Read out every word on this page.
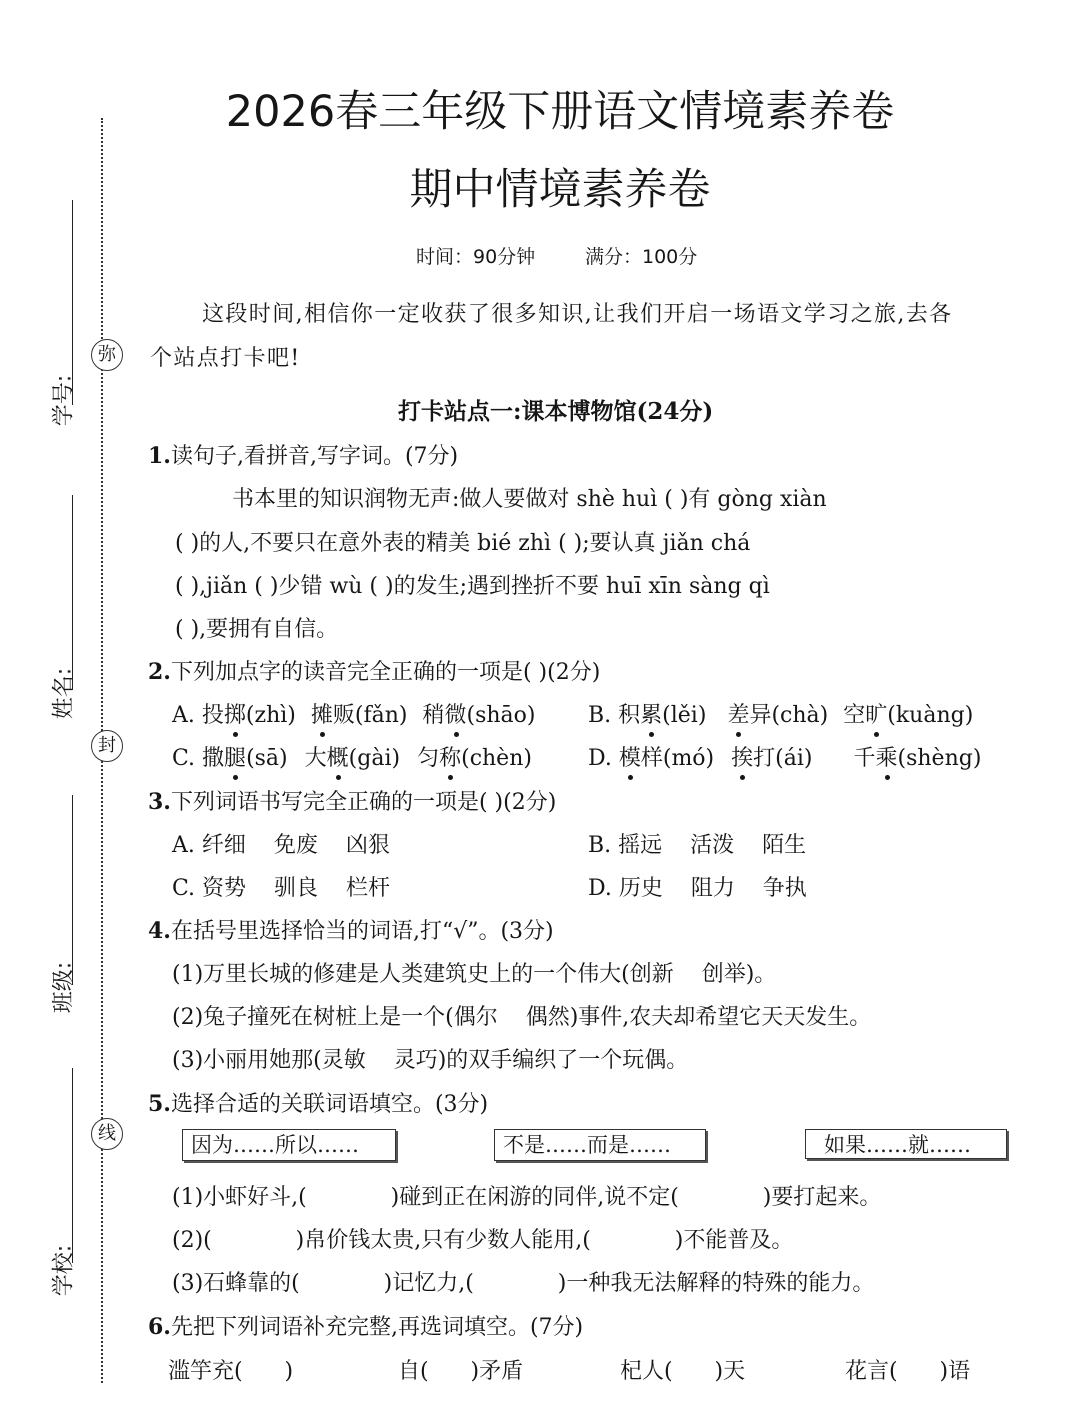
学号:
姓名:
班级:
学校:
弥
封
线
2026春三年级下册语文情境素养卷
期中情境素养卷
时间：90分钟	满分：100分
这段时间,相信你一定收获了很多知识,让我们开启一场语文学习之旅,去各
个站点打卡吧!
打卡站点一:课本博物馆(24分)
1.读句子,看拼音,写字词。(7分)
书本里的知识润物无声:做人要做对 shè huì ( )有 gòng xiàn
( )的人,不要只在意外表的精美 bié zhì ( );要认真 jiǎn chá
( ),jiǎn ( )少错 wù ( )的发生;遇到挫折不要 huī xīn sàng qì
( ),要拥有自信。
2.下列加点字的读音完全正确的一项是( )(2分)
A. 投掷(zhì) 摊贩(fǎn) 稍微(shāo) B. 积累(lěi) 差异(chà) 空旷(kuàng)
C. 撒腿(sā) 大概(gài) 匀称(chèn)	D. 模样(mó) 挨打(ái) 千乘(shèng)
3.下列词语书写完全正确的一项是( )(2分)
A. 纤细    免废    凶狠	B. 摇远    活泼    陌生
C. 资势    驯良    栏杆	D. 历史    阻力    争执
4.在括号里选择恰当的词语,打“√”。(3分)
(1)万里长城的修建是人类建筑史上的一个伟大(创新    创举)。
(2)兔子撞死在树桩上是一个(偶尔    偶然)事件,农夫却希望它天天发生。
(3)小丽用她那(灵敏    灵巧)的双手编织了一个玩偶。
5.选择合适的关联词语填空。(3分)
因为……所以……	不是……而是……	如果……就……
(1)小虾好斗,(            )碰到正在闲游的同伴,说不定(            )要打起来。
(2)(            )帛价钱太贵,只有少数人能用,(            )不能普及。
(3)石蜂靠的(            )记忆力,(            )一种我无法解释的特殊的能力。
6.先把下列词语补充完整,再选词填空。(7分)
滥竽充(      )	自(      )矛盾	杞人(      )天	花言(      )语
